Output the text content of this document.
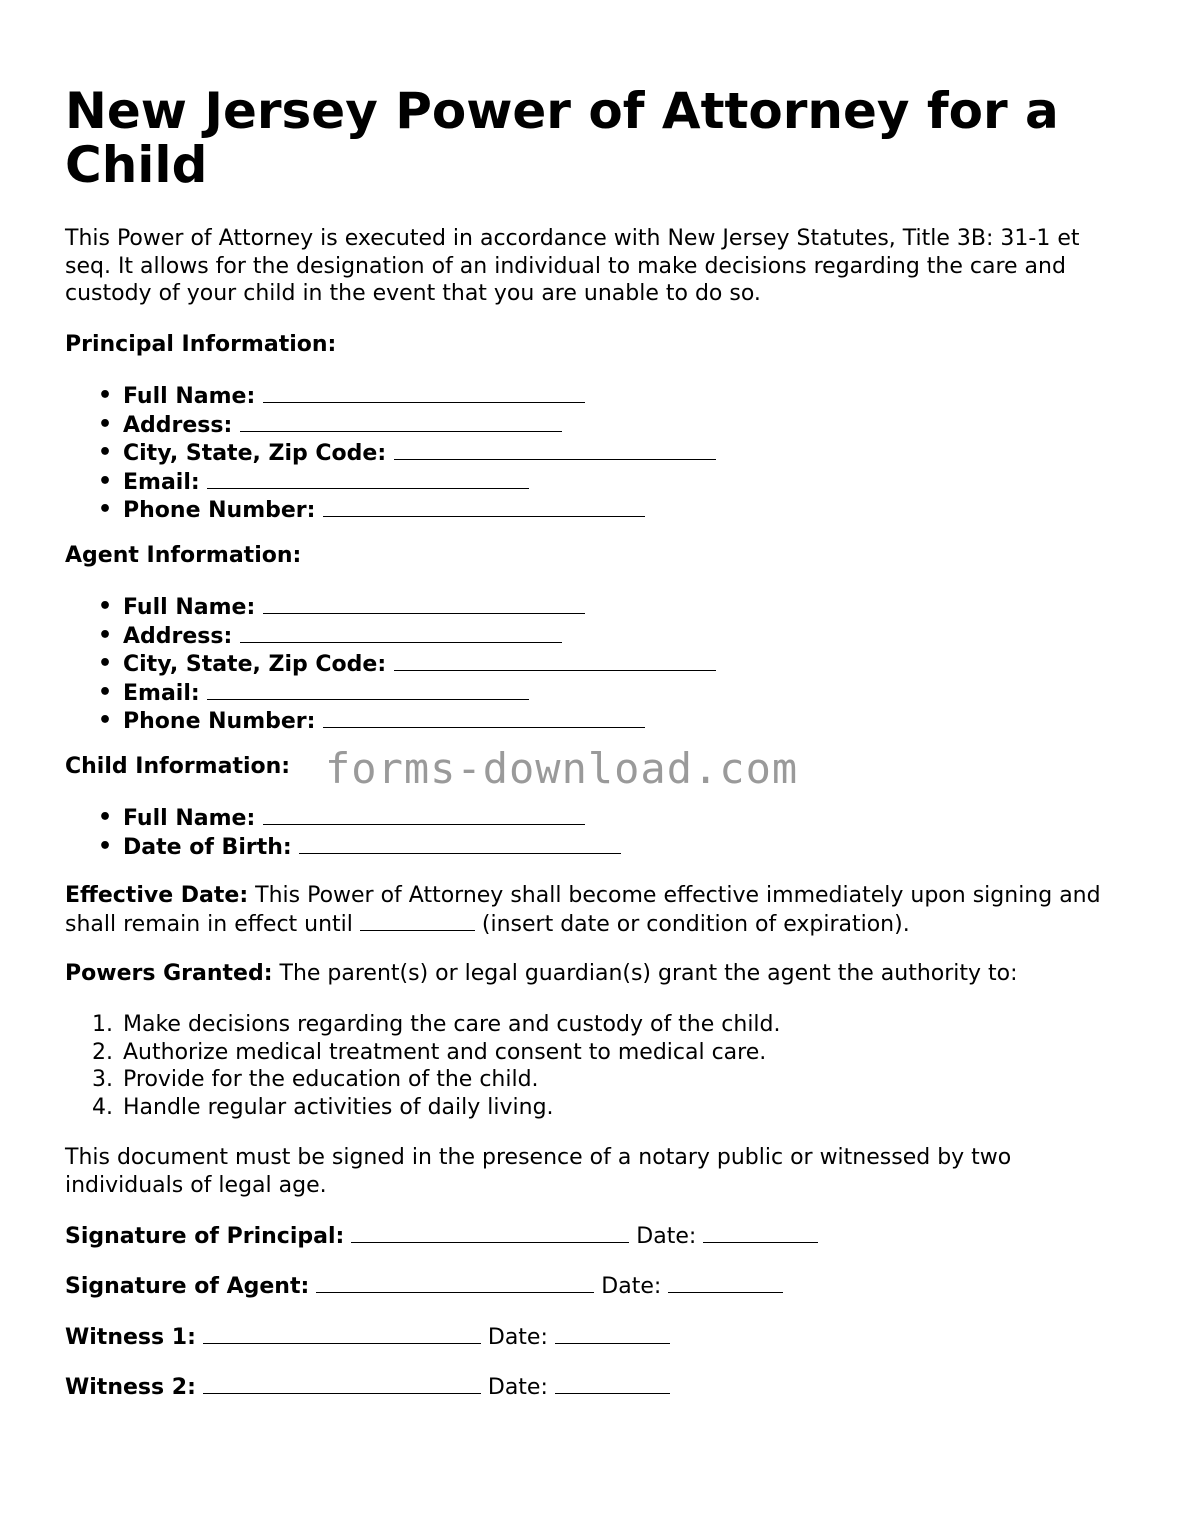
New Jersey Power of Attorney for a Child

This Power of Attorney is executed in accordance with New Jersey Statutes, Title 3B: 31-1 et seq. It allows for the designation of an individual to make decisions regarding the care and custody of your child in the event that you are unable to do so.

Principal Information:

• Full Name:
• Address:
• City, State, Zip Code:
• Email:
• Phone Number:

Agent Information:

• Full Name:
• Address:
• City, State, Zip Code:
• Email:
• Phone Number:

Child Information:

• Full Name:
• Date of Birth:

Effective Date: This Power of Attorney shall become effective immediately upon signing and shall remain in effect until	(insert date or condition of expiration).

Powers Granted: The parent(s) or legal guardian(s) grant the agent the authority to:

1. Make decisions regarding the care and custody of the child.
2. Authorize medical treatment and consent to medical care.
3. Provide for the education of the child.
4. Handle regular activities of daily living.

This document must be signed in the presence of a notary public or witnessed by two individuals of legal age.

Signature of Principal:	Date:

Signature of Agent:	Date:

Witness 1:	Date:

Witness 2:	Date:

forms-download.com
